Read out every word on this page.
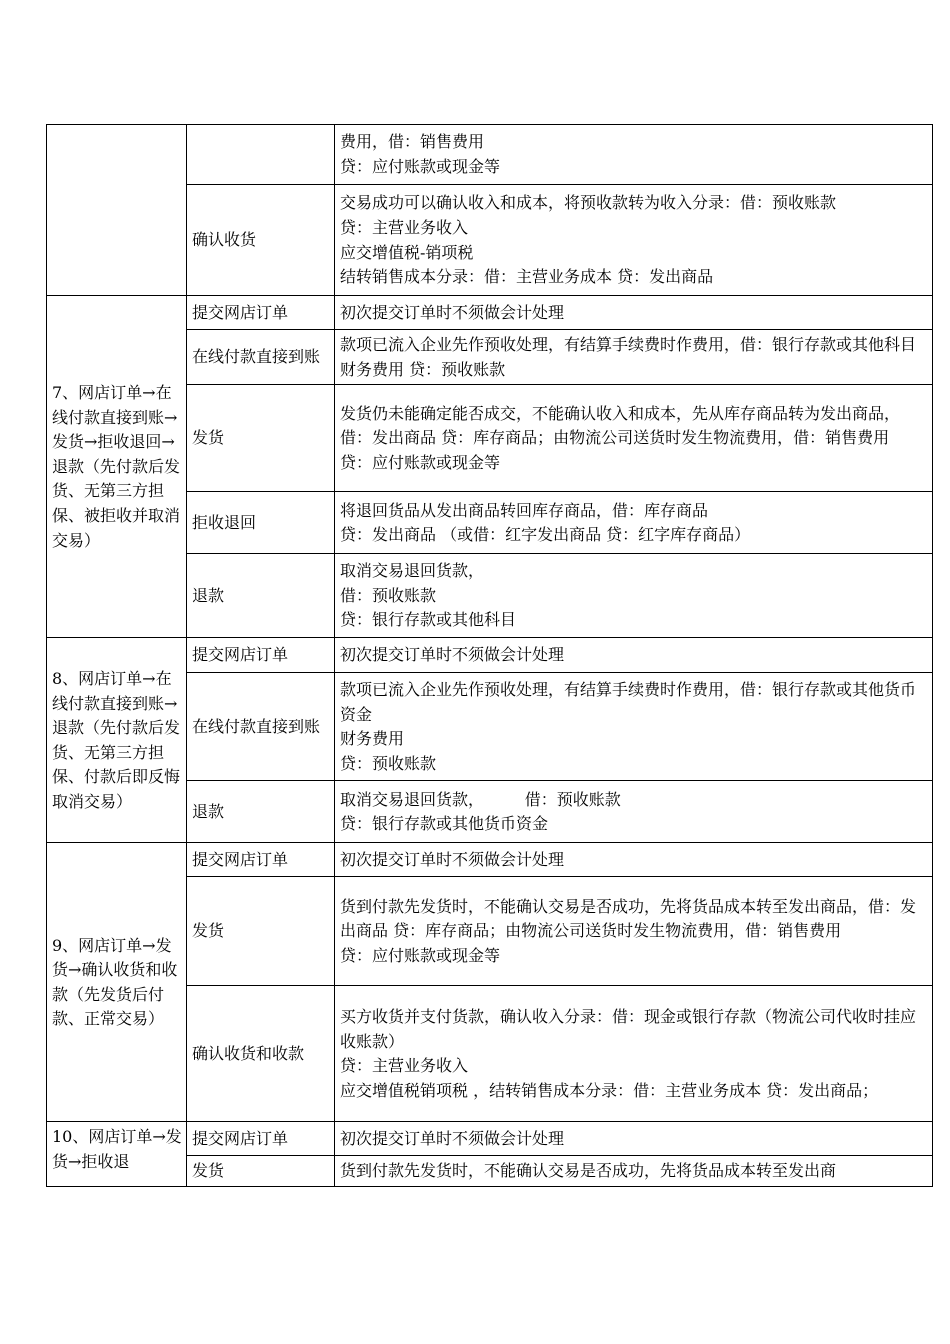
		费用，借：销售费用
贷：应付账款或现金等

	确认收货	交易成功可以确认收入和成本，将预收款转为收入分录：借：预收账款
贷：主营业务收入
应交增值税-销项税
结转销售成本分录：借：主营业务成本 贷：发出商品

7、网店订单→在线付款直接到账→发货→拒收退回→退款（先付款后发货、无第三方担保、被拒收并取消交易）	提交网店订单	初次提交订单时不须做会计处理

	在线付款直接到账	款项已流入企业先作预收处理，有结算手续费时作费用，借：银行存款或其他科目 财务费用 贷：预收账款

	发货	发货仍未能确定能否成交，不能确认收入和成本，先从库存商品转为发出商品，借：发出商品 贷：库存商品；由物流公司送货时发生物流费用，借：销售费用
贷：应付账款或现金等

	拒收退回	将退回货品从发出商品转回库存商品，借：库存商品
贷：发出商品 （或借：红字发出商品 贷：红字库存商品）

	退款	取消交易退回货款，
借：预收账款
贷：银行存款或其他科目

8、网店订单→在线付款直接到账→退款（先付款后发货、无第三方担保、付款后即反悔取消交易）	提交网店订单	初次提交订单时不须做会计处理

	在线付款直接到账	款项已流入企业先作预收处理，有结算手续费时作费用，借：银行存款或其他货币资金
财务费用
贷：预收账款

	退款	取消交易退回货款，        借：预收账款
贷：银行存款或其他货币资金

9、网店订单→发货→确认收货和收款（先发货后付款、正常交易）	提交网店订单	初次提交订单时不须做会计处理

	发货	货到付款先发货时，不能确认交易是否成功，先将货品成本转至发出商品，借：发出商品 贷：库存商品；由物流公司送货时发生物流费用，借：销售费用
贷：应付账款或现金等

	确认收货和收款	买方收货并支付货款，确认收入分录：借：现金或银行存款（物流公司代收时挂应收账款）
贷：主营业务收入
应交增值税销项税 ，结转销售成本分录：借：主营业务成本 贷：发出商品；

10、网店订单→发货→拒收退	提交网店订单	初次提交订单时不须做会计处理

	发货	货到付款先发货时，不能确认交易是否成功，先将货品成本转至发出商
